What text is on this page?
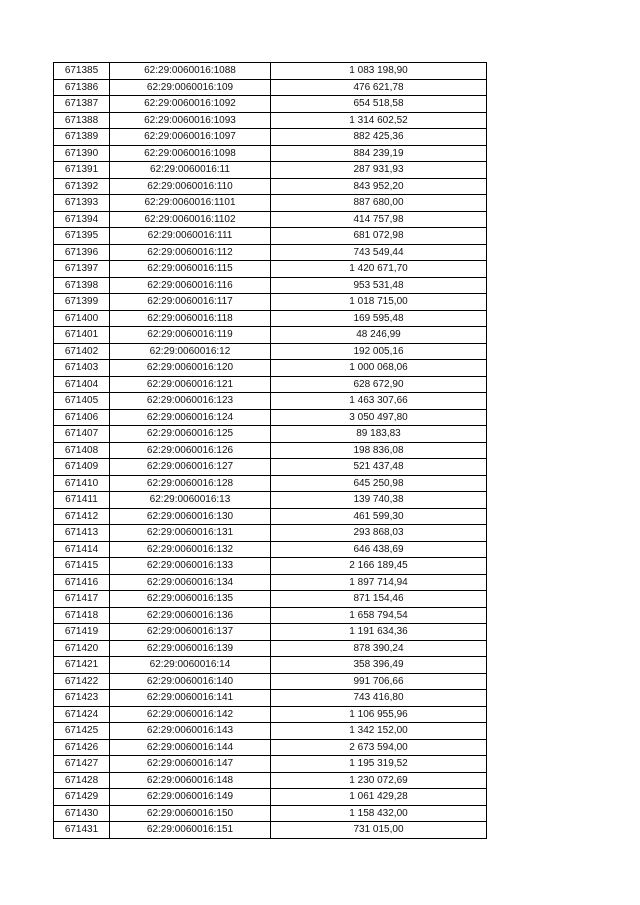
671385	62:29:0060016:1088	1 083 198,90
671386	62:29:0060016:109	476 621,78
671387	62:29:0060016:1092	654 518,58
671388	62:29:0060016:1093	1 314 602,52
671389	62:29:0060016:1097	882 425,36
671390	62:29:0060016:1098	884 239,19
671391	62:29:0060016:11	287 931,93
671392	62:29:0060016:110	843 952,20
671393	62:29:0060016:1101	887 680,00
671394	62:29:0060016:1102	414 757,98
671395	62:29:0060016:111	681 072,98
671396	62:29:0060016:112	743 549,44
671397	62:29:0060016:115	1 420 671,70
671398	62:29:0060016:116	953 531,48
671399	62:29:0060016:117	1 018 715,00
671400	62:29:0060016:118	169 595,48
671401	62:29:0060016:119	48 246,99
671402	62:29:0060016:12	192 005,16
671403	62:29:0060016:120	1 000 068,06
671404	62:29:0060016:121	628 672,90
671405	62:29:0060016:123	1 463 307,66
671406	62:29:0060016:124	3 050 497,80
671407	62:29:0060016:125	89 183,83
671408	62:29:0060016:126	198 836,08
671409	62:29:0060016:127	521 437,48
671410	62:29:0060016:128	645 250,98
671411	62:29:0060016:13	139 740,38
671412	62:29:0060016:130	461 599,30
671413	62:29:0060016:131	293 868,03
671414	62:29:0060016:132	646 438,69
671415	62:29:0060016:133	2 166 189,45
671416	62:29:0060016:134	1 897 714,94
671417	62:29:0060016:135	871 154,46
671418	62:29:0060016:136	1 658 794,54
671419	62:29:0060016:137	1 191 634,36
671420	62:29:0060016:139	878 390,24
671421	62:29:0060016:14	358 396,49
671422	62:29:0060016:140	991 706,66
671423	62:29:0060016:141	743 416,80
671424	62:29:0060016:142	1 106 955,96
671425	62:29:0060016:143	1 342 152,00
671426	62:29:0060016:144	2 673 594,00
671427	62:29:0060016:147	1 195 319,52
671428	62:29:0060016:148	1 230 072,69
671429	62:29:0060016:149	1 061 429,28
671430	62:29:0060016:150	1 158 432,00
671431	62:29:0060016:151	731 015,00
